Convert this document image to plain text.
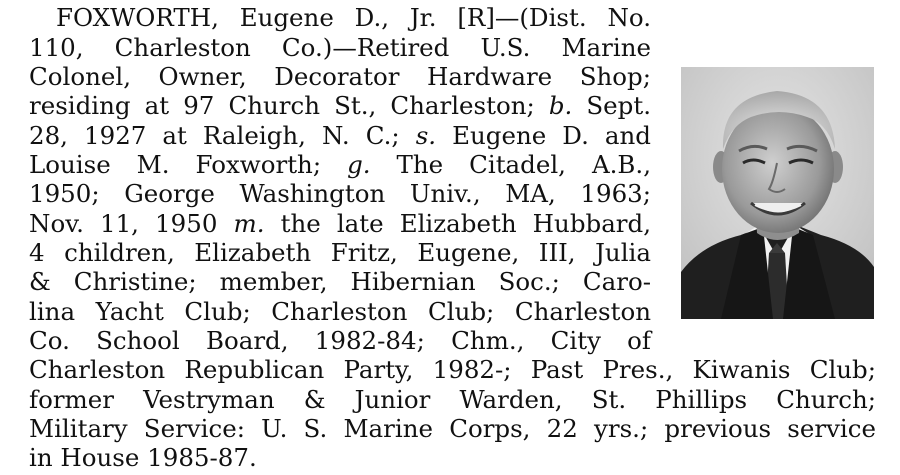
FOXWORTH, Eugene D., Jr. [R]—(Dist. No.
110, Charleston Co.)—Retired U.S. Marine
Colonel, Owner, Decorator Hardware Shop;
residing at 97 Church St., Charleston; b. Sept.
28, 1927 at Raleigh, N. C.; s. Eugene D. and
Louise M. Foxworth; g. The Citadel, A.B.,
1950; George Washington Univ., MA, 1963;
Nov. 11, 1950 m. the late Elizabeth Hubbard,
4 children, Elizabeth Fritz, Eugene, III, Julia
& Christine; member, Hibernian Soc.; Caro-
lina Yacht Club; Charleston Club; Charleston
Co. School Board, 1982-84; Chm., City of
Charleston Republican Party, 1982-; Past Pres., Kiwanis Club;
former Vestryman & Junior Warden, St. Phillips Church;
Military Service: U. S. Marine Corps, 22 yrs.; previous service
in House 1985-87.
